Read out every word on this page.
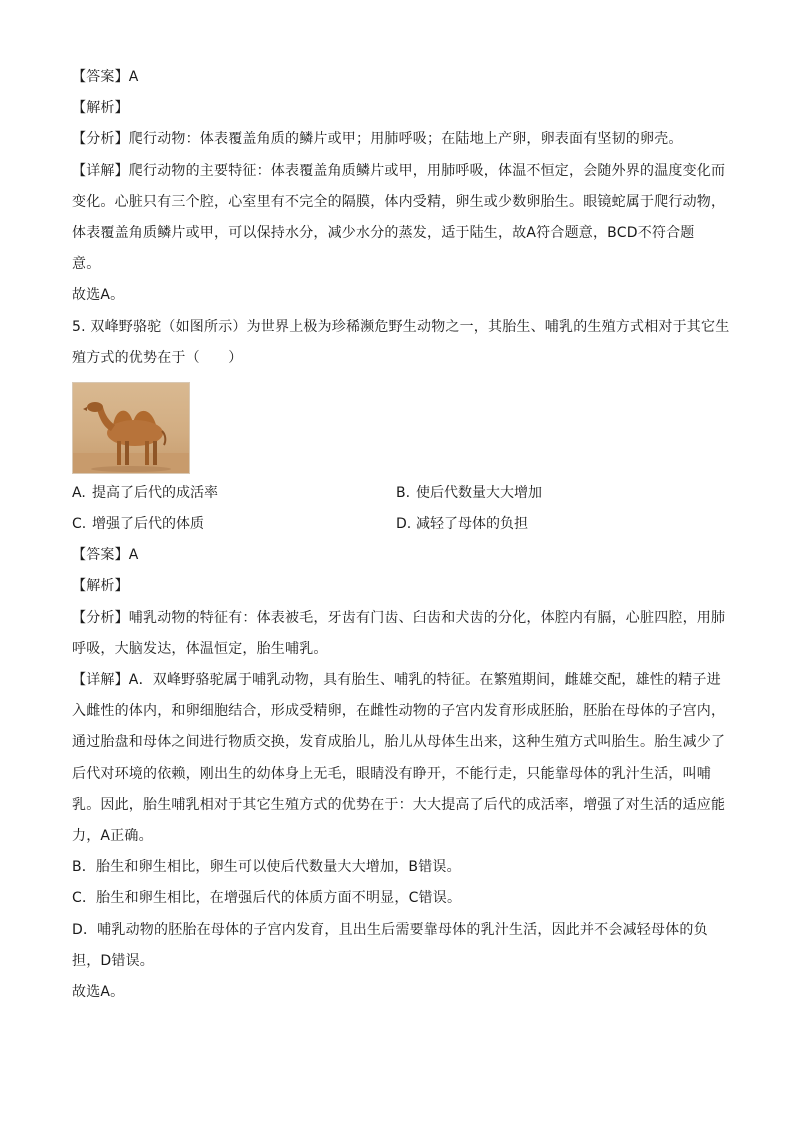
【答案】A
【解析】
【分析】爬行动物：体表覆盖角质的鳞片或甲；用肺呼吸；在陆地上产卵，卵表面有坚韧的卵壳。
【详解】爬行动物的主要特征：体表覆盖角质鳞片或甲，用肺呼吸，体温不恒定，会随外界的温度变化而
变化。心脏只有三个腔，心室里有不完全的隔膜，体内受精，卵生或少数卵胎生。眼镜蛇属于爬行动物，
体表覆盖角质鳞片或甲，可以保持水分，减少水分的蒸发，适于陆生，故A符合题意，BCD不符合题
意。
故选A。
5. 双峰野骆驼（如图所示）为世界上极为珍稀濒危野生动物之一，其胎生、哺乳的生殖方式相对于其它生
殖方式的优势在于（　　）
A. 提高了后代的成活率	B. 使后代数量大大增加
C. 增强了后代的体质	D. 减轻了母体的负担
【答案】A
【解析】
【分析】哺乳动物的特征有：体表被毛，牙齿有门齿、臼齿和犬齿的分化，体腔内有膈，心脏四腔，用肺
呼吸，大脑发达，体温恒定，胎生哺乳。
【详解】A．双峰野骆驼属于哺乳动物，具有胎生、哺乳的特征。在繁殖期间，雌雄交配，雄性的精子进
入雌性的体内，和卵细胞结合，形成受精卵，在雌性动物的子宫内发育形成胚胎，胚胎在母体的子宫内，
通过胎盘和母体之间进行物质交换，发育成胎儿，胎儿从母体生出来，这种生殖方式叫胎生。胎生减少了
后代对环境的依赖，刚出生的幼体身上无毛，眼睛没有睁开，不能行走，只能靠母体的乳汁生活，叫哺
乳。因此，胎生哺乳相对于其它生殖方式的优势在于：大大提高了后代的成活率，增强了对生活的适应能
力，A正确。
B．胎生和卵生相比，卵生可以使后代数量大大增加，B错误。
C．胎生和卵生相比，在增强后代的体质方面不明显，C错误。
D．哺乳动物的胚胎在母体的子宫内发育，且出生后需要靠母体的乳汁生活，因此并不会减轻母体的负
担，D错误。
故选A。
